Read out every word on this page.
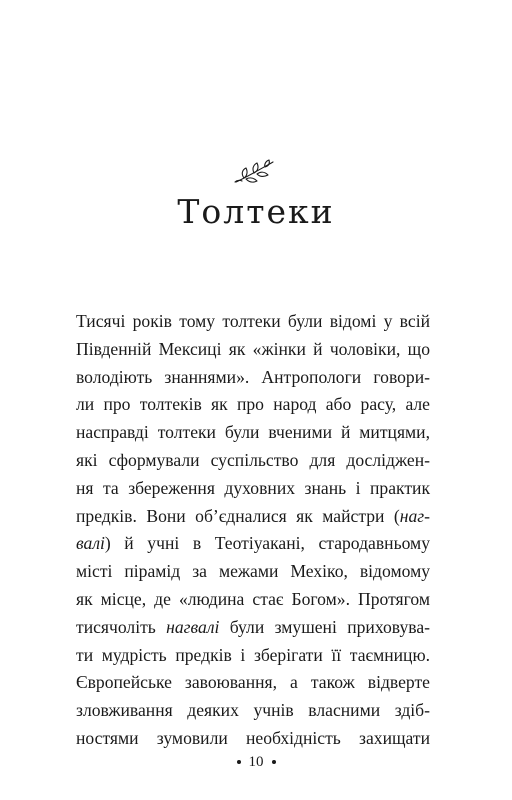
Толтеки
Тисячі років тому толтеки були відомі у всій
Південній Мексиці як «жінки й чоловіки, що
володіють знаннями». Антропологи говори-
ли про толтеків як про народ або расу, але
насправді толтеки були вченими й митцями,
які сформували суспільство для досліджен-
ня та збереження духовних знань і практик
предків. Вони об’єдналися як майстри (наг-
валі) й учні в Теотіуакані, стародавньому
місті пірамід за межами Мехіко, відомому
як місце, де «людина стає Богом». Протягом
тисячоліть нагвалі були змушені приховува-
ти мудрість предків і зберігати її таємницю.
Європейське завоювання, а також відверте
зловживання деяких учнів власними здіб-
ностями зумовили необхідність захищати
10
